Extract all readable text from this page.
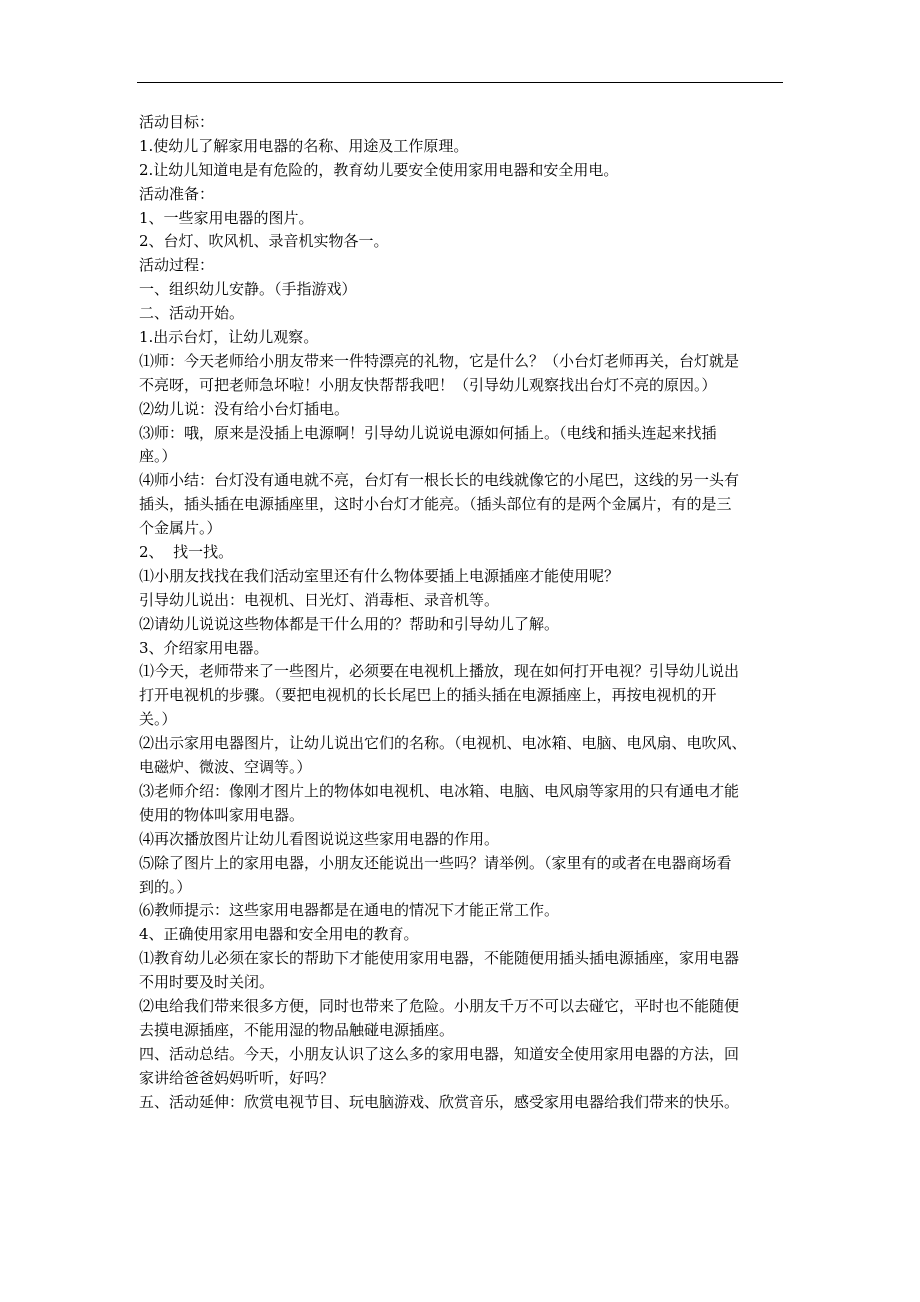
活动目标：

1.使幼儿了解家用电器的名称、用途及工作原理。

2.让幼儿知道电是有危险的，教育幼儿要安全使用家用电器和安全用电。

活动准备：

1、一些家用电器的图片。

2、台灯、吹风机、录音机实物各一。

活动过程：

一、组织幼儿安静。（手指游戏）

二、活动开始。

1.出示台灯，让幼儿观察。

⑴师：今天老师给小朋友带来一件特漂亮的礼物，它是什么？（小台灯老师再关，台灯就是

不亮呀，可把老师急坏啦！小朋友快帮帮我吧！（引导幼儿观察找出台灯不亮的原因。）

⑵幼儿说：没有给小台灯插电。

⑶师：哦，原来是没插上电源啊！引导幼儿说说电源如何插上。（电线和插头连起来找插

座。）

⑷师小结：台灯没有通电就不亮，台灯有一根长长的电线就像它的小尾巴，这线的另一头有

插头，插头插在电源插座里，这时小台灯才能亮。（插头部位有的是两个金属片，有的是三

个金属片。）

2、  找一找。

⑴小朋友找找在我们活动室里还有什么物体要插上电源插座才能使用呢？

引导幼儿说出：电视机、日光灯、消毒柜、录音机等。

⑵请幼儿说说这些物体都是干什么用的？帮助和引导幼儿了解。

3、介绍家用电器。

⑴今天，老师带来了一些图片，必须要在电视机上播放，现在如何打开电视？引导幼儿说出

打开电视机的步骤。（要把电视机的长长尾巴上的插头插在电源插座上，再按电视机的开

关。）

⑵出示家用电器图片，让幼儿说出它们的名称。（电视机、电冰箱、电脑、电风扇、电吹风、

电磁炉、微波、空调等。）

⑶老师介绍：像刚才图片上的物体如电视机、电冰箱、电脑、电风扇等家用的只有通电才能

使用的物体叫家用电器。

⑷再次播放图片让幼儿看图说说这些家用电器的作用。

⑸除了图片上的家用电器，小朋友还能说出一些吗？请举例。（家里有的或者在电器商场看

到的。）

⑹教师提示：这些家用电器都是在通电的情况下才能正常工作。

4、正确使用家用电器和安全用电的教育。

⑴教育幼儿必须在家长的帮助下才能使用家用电器，不能随便用插头插电源插座，家用电器

不用时要及时关闭。

⑵电给我们带来很多方便，同时也带来了危险。小朋友千万不可以去碰它，平时也不能随便

去摸电源插座，不能用湿的物品触碰电源插座。

四、活动总结。今天，小朋友认识了这么多的家用电器，知道安全使用家用电器的方法，回

家讲给爸爸妈妈听听，好吗？

五、活动延伸：欣赏电视节目、玩电脑游戏、欣赏音乐，感受家用电器给我们带来的快乐。
